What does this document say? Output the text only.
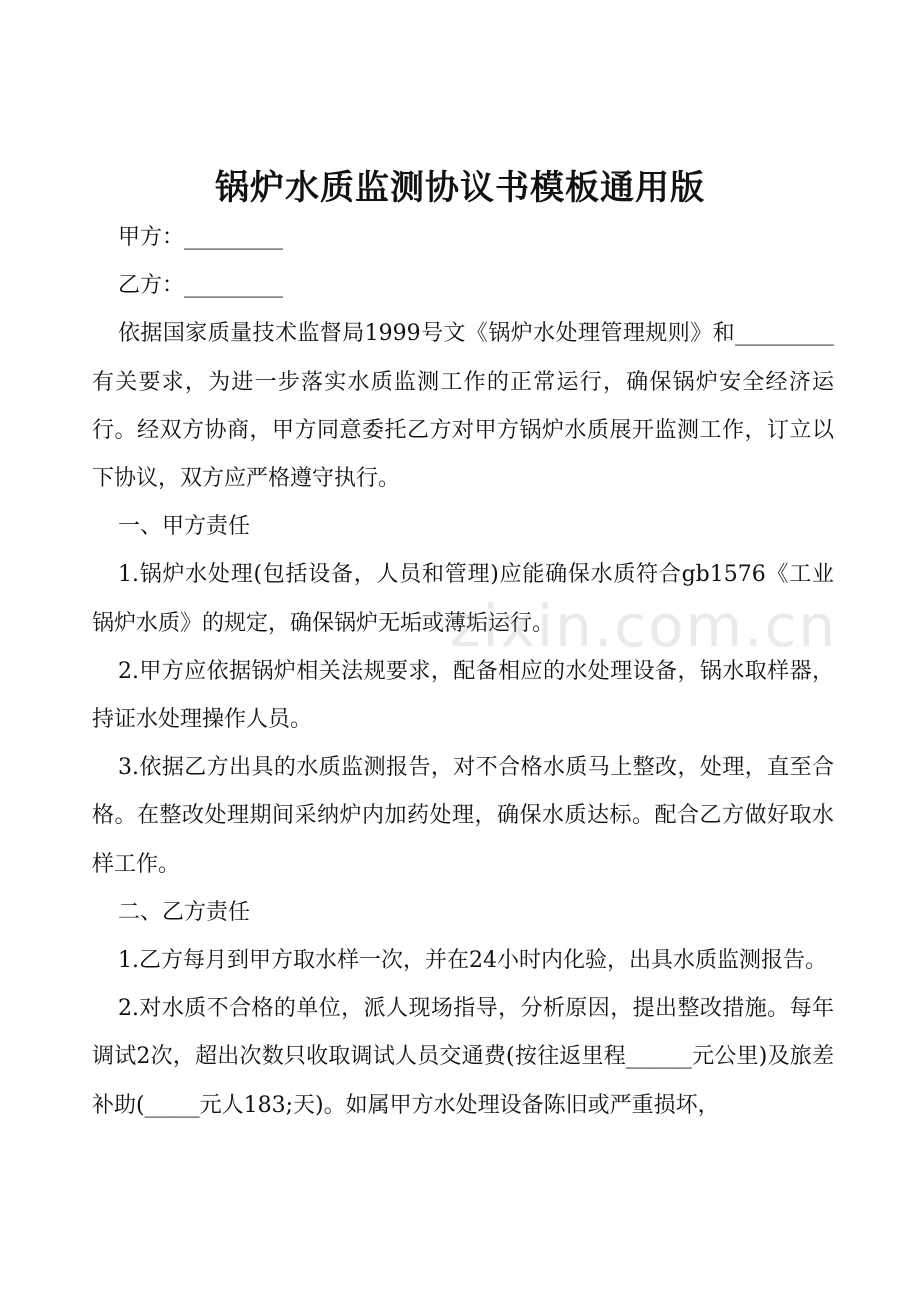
锅炉水质监测协议书模板通用版

甲方：_________

乙方：_________

依据国家质量技术监督局1999号文《锅炉水处理管理规则》和_________有关要求，为进一步落实水质监测工作的正常运行，确保锅炉安全经济运行。经双方协商，甲方同意委托乙方对甲方锅炉水质展开监测工作，订立以下协议，双方应严格遵守执行。

一、甲方责任

1.锅炉水处理(包括设备，人员和管理)应能确保水质符合gb1576《工业锅炉水质》的规定，确保锅炉无垢或薄垢运行。

2.甲方应依据锅炉相关法规要求，配备相应的水处理设备，锅水取样器，持证水处理操作人员。

3.依据乙方出具的水质监测报告，对不合格水质马上整改，处理，直至合格。在整改处理期间采纳炉内加药处理，确保水质达标。配合乙方做好取水样工作。

二、乙方责任

1.乙方每月到甲方取水样一次，并在24小时内化验，出具水质监测报告。

2.对水质不合格的单位，派人现场指导，分析原因，提出整改措施。每年调试2次，超出次数只收取调试人员交通费(按往返里程______元公里)及旅差补助(_____元人183;天)。如属甲方水处理设备陈旧或严重损坏，

zixin.com.cn
